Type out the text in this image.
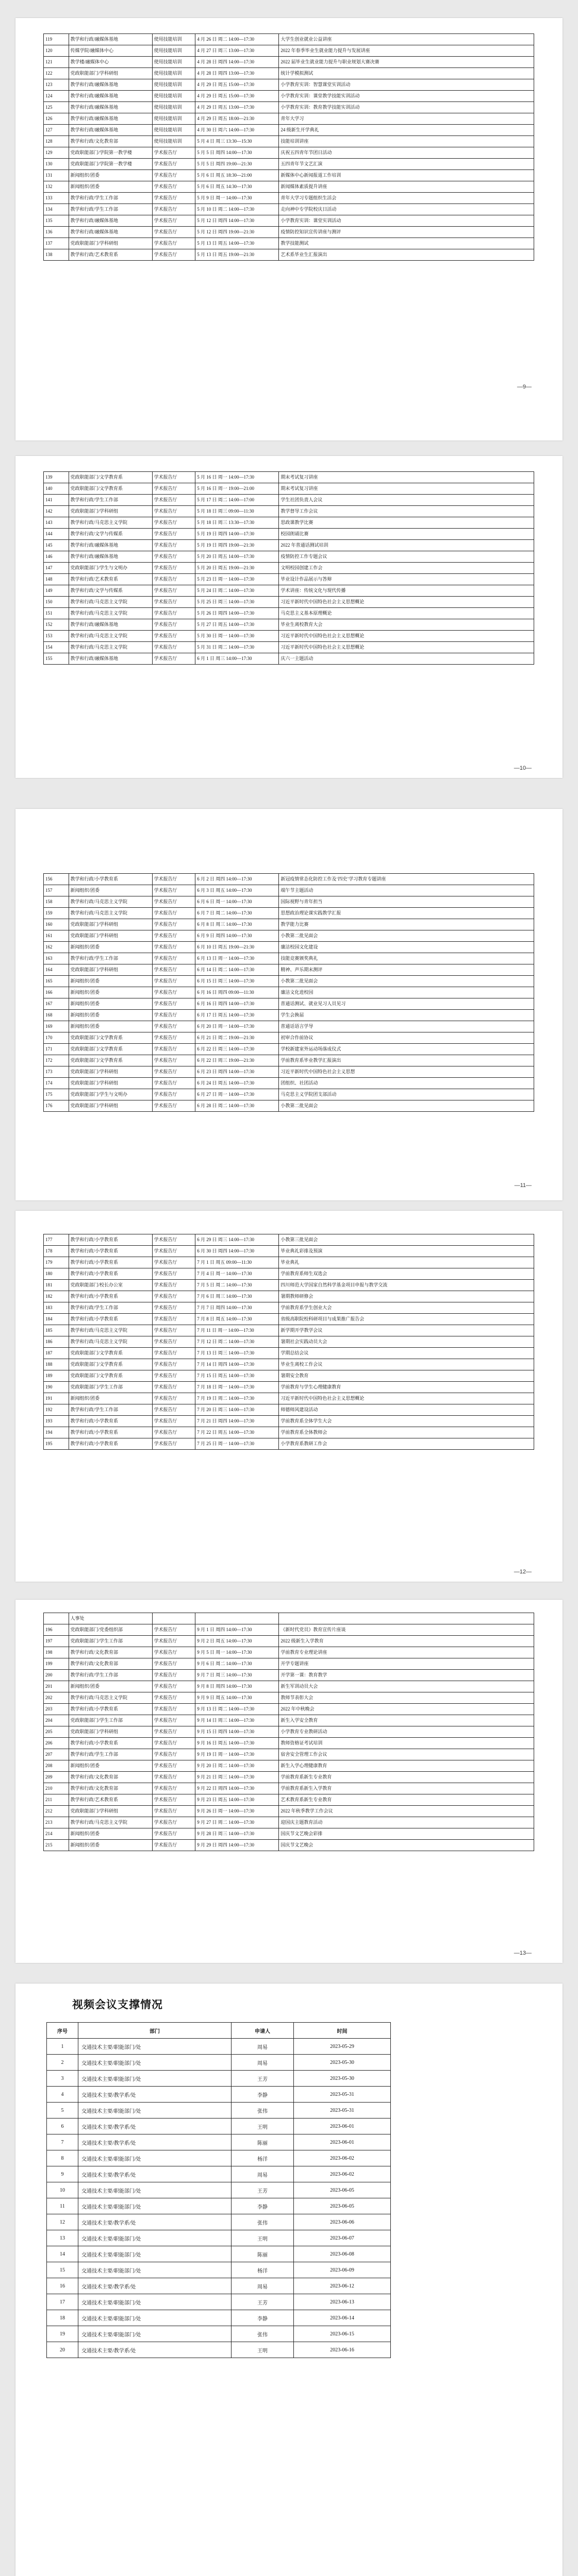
119	教学和行政/融媒体基地	使用技能培训	4 月 26 日 周二 14:00—17:30	大学生创业就业公益讲座
120	传媒学院/融媒体中心	使用技能培训	4 月 27 日 周三 13:00—17:30	2022 年春季毕业生就业能力提升与发展讲座
121	教学楼/融媒体中心	使用技能培训	4 月 28 日 周四 14:00—17:30	2022 届毕业生就业能力提升与职业规划大赛决赛
122	党政职能部门/学科研组	使用技能培训	4 月 28 日 周四 13:00—17:30	统计学模拟测试
123	教学和行政/融媒体基地	使用技能培训	4 月 29 日 周五 15:00—17:30	小学教育实训：智慧课堂实训活动
124	教学和行政/融媒体基地	使用技能培训	4 月 29 日 周五 15:00—17:30	小学教育实训：课堂教学技能实训活动
125	教学和行政/融媒体基地	使用技能培训	4 月 29 日 周五 13:00—17:30	小学教育实训：教育教学技能实训活动
126	教学和行政/融媒体基地	使用技能培训	4 月 29 日 周五 18:00—21:30	青年大学习
127	教学和行政/融媒体基地	使用技能培训	4 月 30 日 周六 14:00—17:30	24 级新生开学典礼
128	教学和行政/文化教育部	使用技能培训	5 月 4 日 周三 13:30—15:30	技能培训讲座
129	党政职能部门/学院第一教学楼	学术报告厅	5 月 5 日 周四 14:00—17:30	庆祝五四青年节团日活动
130	党政职能部门/学院第一教学楼	学术报告厅	5 月 5 日 周四 19:00—21:30	五四青年节文艺汇演
131	新闻组织/团委	学术报告厅	5 月 6 日 周五 18:30—21:00	新媒体中心新闻报道工作培训
132	新闻组织/团委	学术报告厅	5 月 6 日 周五 14:30—17:30	新闻媒体素质提升讲座
133	教学和行政/学生工作部	学术报告厅	5 月 9 日 周一 14:00—17:30	青年大学习专题组织生活会
134	教学和行政/学生工作部	学术报告厅	5 月 10 日 周二 14:00—17:30	走向神中专学院校庆日活动
135	教学和行政/融媒体基地	学术报告厅	5 月 12 日 周四 14:00—17:30	小学教育实训：课堂实训活动
136	教学和行政/融媒体基地	学术报告厅	5 月 12 日 周四 19:00—21:30	疫情防控知识宣传讲座与测评
137	党政职能部门/学科研组	学术报告厅	5 月 13 日 周五 14:00—17:30	教学技能测试
138	教学和行政/艺术教育系	学术报告厅	5 月 13 日 周五 19:00—21:30	艺术系毕业生汇报演出
—9—
139	党政职能部门/文学教育系	学术报告厅	5 月 16 日 周一 14:00—17:30	期末考试复习讲座
140	党政职能部门/文学教育系	学术报告厅	5 月 16 日 周一 19:00—21:00	期末考试复习讲座
141	教学和行政/学生工作部	学术报告厅	5 月 17 日 周二 14:00—17:00	学生社团负责人会议
142	党政职能部门/学科研组	学术报告厅	5 月 18 日 周三 09:00—11:30	教学督导工作会议
143	教学和行政/马克思主义学院	学术报告厅	5 月 18 日 周三 13:30—17:30	思政课教学比赛
144	教学和行政/文学与传媒系	学术报告厅	5 月 19 日 周四 14:00—17:30	校园朗诵比赛
145	教学和行政/融媒体基地	学术报告厅	5 月 19 日 周四 19:00—21:30	2022 年普通话测试培训
146	教学和行政/融媒体基地	学术报告厅	5 月 20 日 周五 14:00—17:30	疫情防控工作专题会议
147	党政职能部门/学生与文明办	学术报告厅	5 月 20 日 周五 19:00—21:30	文明校园创建工作会
148	教学和行政/艺术教育系	学术报告厅	5 月 23 日 周一 14:00—17:30	毕业设计作品展示与答辩
149	教学和行政/文学与传媒系	学术报告厅	5 月 24 日 周二 14:00—17:30	学术讲座：传统文化与现代传播
150	教学和行政/马克思主义学院	学术报告厅	5 月 25 日 周三 14:00—17:30	习近平新时代中国特色社会主义思想概论
151	教学和行政/马克思主义学院	学术报告厅	5 月 26 日 周四 14:00—17:30	马克思主义基本原理概论
152	教学和行政/融媒体基地	学术报告厅	5 月 27 日 周五 14:00—17:30	毕业生离校教育大会
153	教学和行政/马克思主义学院	学术报告厅	5 月 30 日 周一 14:00—17:30	习近平新时代中国特色社会主义思想概论
154	教学和行政/马克思主义学院	学术报告厅	5 月 31 日 周二 14:00—17:30	习近平新时代中国特色社会主义思想概论
155	教学和行政/融媒体基地	学术报告厅	6 月 1 日 周三 14:00—17:30	庆六一主题活动
—10—
156	教学和行政/小学教育系	学术报告厅	6 月 2 日 周四 14:00—17:30	新冠疫情常态化防控工作及‘四史’学习教育专题讲座
157	新闻组织/团委	学术报告厅	6 月 3 日 周五 14:00—17:30	端午节主题活动
158	教学和行政/马克思主义学院	学术报告厅	6 月 6 日 周一 14:00—17:30	国际视野与青年担当
159	教学和行政/马克思主义学院	学术报告厅	6 月 7 日 周二 14:00—17:30	思想政治理论课实践教学汇报
160	党政职能部门/学科研组	学术报告厅	6 月 8 日 周三 14:00—17:30	教学能力比赛
161	党政职能部门/学科研组	学术报告厅	6 月 9 日 周四 14:00—17:30	小教第二批见面会
162	新闻组织/团委	学术报告厅	6 月 10 日 周五 19:00—21:30	廉洁校园文化建设
163	教学和行政/学生工作部	学术报告厅	6 月 13 日 周一 14:00—17:30	技能竞赛颁奖典礼
164	党政职能部门/学科研组	学术报告厅	6 月 14 日 周二 14:00—17:30	精神、声乐期末测评
165	新闻组织/团委	学术报告厅	6 月 15 日 周三 14:00—17:30	小教第二批见面会
166	新闻组织/团委	学术报告厅	6 月 16 日 周四 09:00—11:30	廉洁文化进校园
167	新闻组织/团委	学术报告厅	6 月 16 日 周四 14:00—17:30	普通话测试、就业见习人员见习
168	新闻组织/团委	学术报告厅	6 月 17 日 周五 14:00—17:30	学生会换届
169	新闻组织/团委	学术报告厅	6 月 20 日 周一 14:00—17:30	普通话语言学导
170	党政职能部门/文学教育系	学术报告厅	6 月 21 日 周二 19:00—21:30	初审合作前协议
171	党政职能部门/文学教育系	学术报告厅	6 月 22 日 周三 14:00—17:30	学校新建室外运动场落成仪式
172	党政职能部门/文学教育系	学术报告厅	6 月 22 日 周三 19:00—21:30	学前教育系毕业教学汇报演出
173	党政职能部门/学科研组	学术报告厅	6 月 23 日 周四 14:00—17:30	习近平新时代中国特色社会主义思想
174	党政职能部门/学科研组	学术报告厅	6 月 24 日 周五 14:00—17:30	团组织、社团活动
175	党政职能部门/学生与文明办	学术报告厅	6 月 27 日 周一 14:00—17:30	马克思主义学院团支部活动
176	党政职能部门/学科研组	学术报告厅	6 月 28 日 周二 14:00—17:30	小教第二批见面会
—11—
177	教学和行政/小学教育系	学术报告厅	6 月 29 日 周三 14:00—17:30	小教第三批见面会
178	教学和行政/小学教育系	学术报告厅	6 月 30 日 周四 14:00—17:30	毕业典礼彩排及预演
179	教学和行政/小学教育系	学术报告厅	7 月 1 日 周五 09:00—11:30	毕业典礼
180	教学和行政/小学教育系	学术报告厅	7 月 4 日 周一 14:00—17:30	学前教育系师生双选会
181	党政职能部门/校长办公室	学术报告厅	7 月 5 日 周二 14:00—17:30	四川师范大学国家自然科学基金项目申报与教学交流
182	教学和行政/小学教育系	学术报告厅	7 月 6 日 周三 14:00—17:30	暑期教师研修会
183	教学和行政/学生工作部	学术报告厅	7 月 7 日 周四 14:00—17:30	学前教育系学生创业大会
184	教学和行政/小学教育系	学术报告厅	7 月 8 日 周五 14:00—17:30	省级高职院校科研项目与成果推广报告会
185	教学和行政/马克思主义学院	学术报告厅	7 月 11 日 周一 14:00—17:30	新学期开学教学会议
186	教学和行政/马克思主义学院	学术报告厅	7 月 12 日 周二 14:00—17:30	暑期社会实践动员大会
187	党政职能部门/文学教育系	学术报告厅	7 月 13 日 周三 14:00—17:30	学期总结会议
188	党政职能部门/文学教育系	学术报告厅	7 月 14 日 周四 14:00—17:30	毕业生离校工作会议
189	党政职能部门/文学教育系	学术报告厅	7 月 15 日 周五 14:00—17:30	暑期安全教育
190	党政职能部门/学生工作部	学术报告厅	7 月 18 日 周一 14:00—17:30	学前教育与学生心理健康教育
191	新闻组织/团委	学术报告厅	7 月 19 日 周二 14:00—17:30	习近平新时代中国特色社会主义思想概论
192	教学和行政/学生工作部	学术报告厅	7 月 20 日 周三 14:00—17:30	师德师风建设活动
193	教学和行政/小学教育系	学术报告厅	7 月 21 日 周四 14:00—17:30	学前教育系全体学生大会
194	教学和行政/小学教育系	学术报告厅	7 月 22 日 周五 14:00—17:30	学前教育系全体教师会
195	教学和行政/小学教育系	学术报告厅	7 月 25 日 周一 14:00—17:30	小学教育系教研工作会
—12—
	人事处			
196	党政职能部门/党委组织部	学术报告厅	9 月 1 日 周四 14:00—17:30	《新时代党员》教育宣传片座谈
197	党政职能部门/学生工作部	学术报告厅	9 月 2 日 周五 14:00—17:30	2022 级新生入学教育
198	教学和行政/文化教育部	学术报告厅	9 月 5 日 周一 14:00—17:30	学前教育专业理论讲座
199	教学和行政/文化教育部	学术报告厅	9 月 6 日 周二 14:00—17:30	开学专题讲座
200	教学和行政/学生工作部	学术报告厅	9 月 7 日 周三 14:00—17:30	开学第一课：教育教学
201	新闻组织/团委	学术报告厅	9 月 8 日 周四 14:00—17:30	新生军训动员大会
202	教学和行政/马克思主义学院	学术报告厅	9 月 9 日 周五 14:00—17:30	教师节表彰大会
203	教学和行政/小学教育系	学术报告厅	9 月 13 日 周二 14:00—17:30	2022 年中秋晚会
204	党政职能部门/学生工作部	学术报告厅	9 月 14 日 周三 14:00—17:30	新生入学安全教育
205	党政职能部门/学科研组	学术报告厅	9 月 15 日 周四 14:00—17:30	小学教育专业教研活动
206	教学和行政/小学教育系	学术报告厅	9 月 16 日 周五 14:00—17:30	教师资格证考试培训
207	教学和行政/学生工作部	学术报告厅	9 月 19 日 周一 14:00—17:30	宿舍安全管理工作会议
208	新闻组织/团委	学术报告厅	9 月 20 日 周二 14:00—17:30	新生入学心理健康教育
209	教学和行政/文化教育部	学术报告厅	9 月 21 日 周三 14:00—17:30	学前教育系新生专业教育
210	教学和行政/文化教育部	学术报告厅	9 月 22 日 周四 14:00—17:30	学前教育系新生入学教育
211	教学和行政/艺术教育系	学术报告厅	9 月 23 日 周五 14:00—17:30	艺术教育系新生专业教育
212	党政职能部门/学科研组	学术报告厅	9 月 26 日 周一 14:00—17:30	2022 年秋季教学工作会议
213	教学和行政/马克思主义学院	学术报告厅	9 月 27 日 周二 14:00—17:30	迎国庆主题教育活动
214	新闻组织/团委	学术报告厅	9 月 28 日 周三 14:00—17:30	国庆节文艺晚会彩排
215	新闻组织/团委	学术报告厅	9 月 29 日 周四 14:00—17:30	国庆节文艺晚会
—13—
视频会议支撑情况
序号	部门	申请人	时间
1	交通技术主要/职能部门/处	周易	2023-05-29
2	交通技术主要/职能部门/处	周易	2023-05-30
3	交通技术主要/职能部门/处	王芳	2023-05-30
4	交通技术主要/教学系/处	李静	2023-05-31
5	交通技术主要/职能部门/处	张伟	2023-05-31
6	交通技术主要/教学系/处	王明	2023-06-01
7	交通技术主要/教学系/处	陈丽	2023-06-01
8	交通技术主要/职能部门/处	杨洋	2023-06-02
9	交通技术主要/教学系/处	周易	2023-06-02
10	交通技术主要/职能部门/处	王芳	2023-06-05
11	交通技术主要/职能部门/处	李静	2023-06-05
12	交通技术主要/教学系/处	张伟	2023-06-06
13	交通技术主要/职能部门/处	王明	2023-06-07
14	交通技术主要/职能部门/处	陈丽	2023-06-08
15	交通技术主要/职能部门/处	杨洋	2023-06-09
16	交通技术主要/教学系/处	周易	2023-06-12
17	交通技术主要/职能部门/处	王芳	2023-06-13
18	交通技术主要/职能部门/处	李静	2023-06-14
19	交通技术主要/职能部门/处	张伟	2023-06-15
20	交通技术主要/教学系/处	王明	2023-06-16
